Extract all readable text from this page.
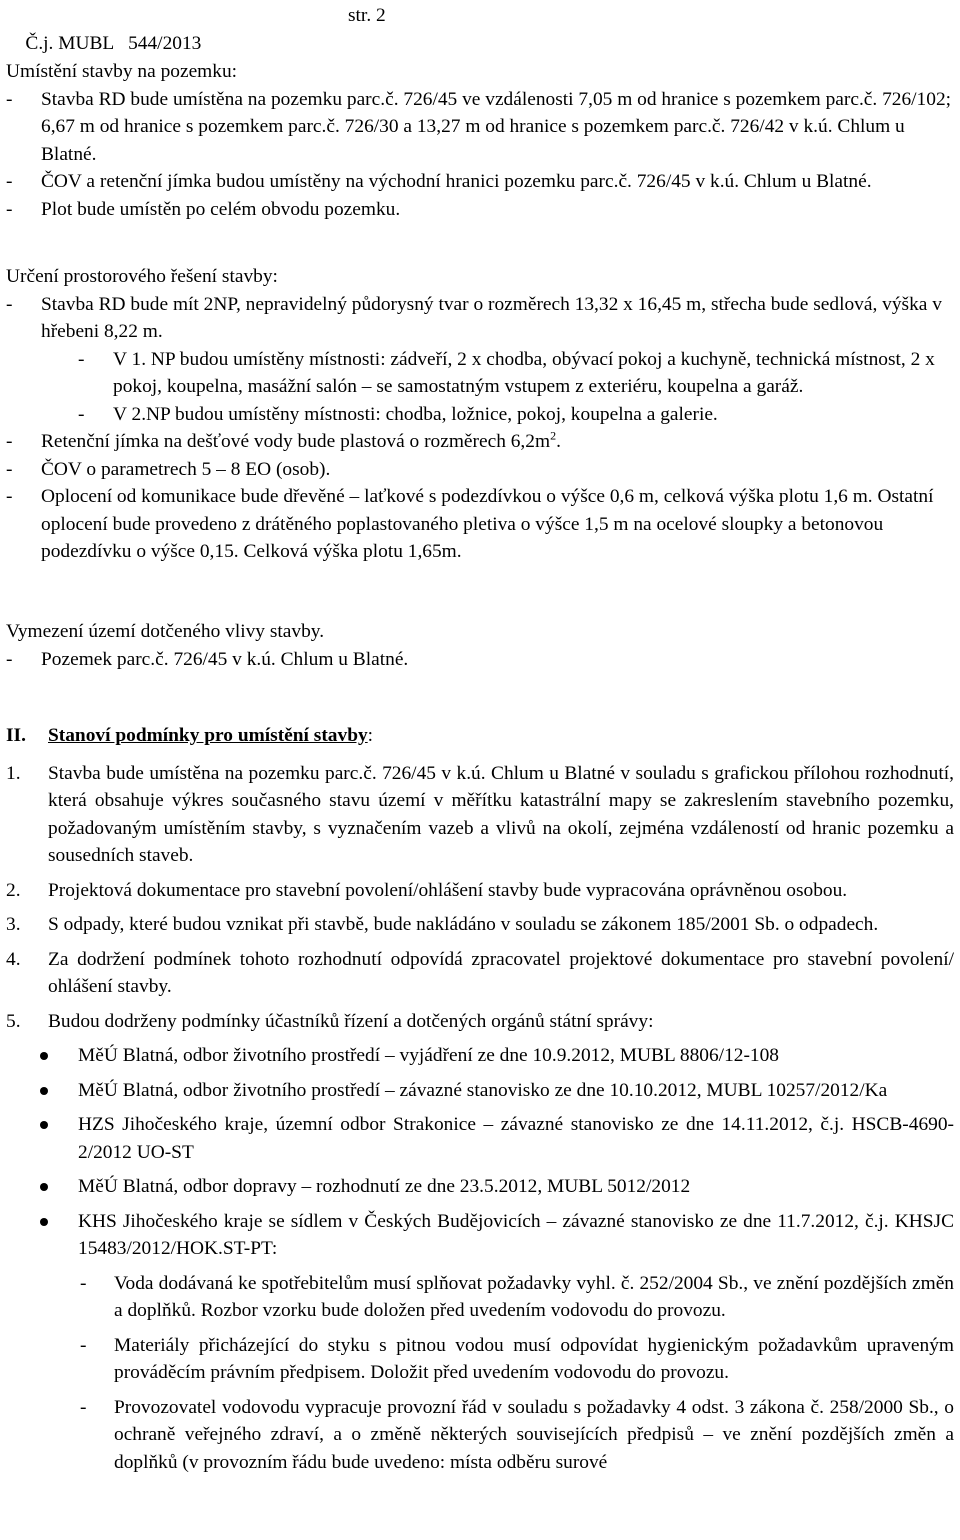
Č.j. MUBL   544/2013

str. 2

Umístění stavby na pozemku:
- Stavba RD bude umístěna na pozemku parc.č. 726/45 ve vzdálenosti 7,05 m od hranice s pozemkem parc.č. 726/102; 6,67 m od hranice s pozemkem parc.č. 726/30 a 13,27 m od hranice s pozemkem parc.č. 726/42 v k.ú. Chlum u Blatné.
- ČOV a retenční jímka budou umístěny na východní hranici pozemku parc.č. 726/45 v k.ú. Chlum u Blatné.
- Plot bude umístěn po celém obvodu pozemku.
Určení prostorového řešení stavby:
- Stavba RD bude mít 2NP, nepravidelný půdorysný tvar o rozměrech 13,32 x 16,45 m, střecha bude sedlová, výška v hřebeni 8,22 m.
- V 1. NP budou umístěny místnosti: zádveří, 2 x chodba, obývací pokoj a kuchyně, technická místnost, 2 x pokoj, koupelna, masážní salón – se samostatným vstupem z exteriéru, koupelna a garáž.
- V 2.NP budou umístěny místnosti: chodba, ložnice, pokoj, koupelna a galerie.
- Retenční jímka na dešťové vody bude plastová o rozměrech $6,2m^2$.
- ČOV o parametrech 5 – 8 EO (osob).
- Oplocení od komunikace bude dřevěné – laťkové s podezdívkou o výšce 0,6 m, celková výška plotu 1,6 m. Ostatní oplocení bude provedeno z drátěného poplastovaného pletiva o výšce 1,5 m na ocelové sloupky a betonovou podezdívku o výšce 0,15. Celková výška plotu 1,65m.
Vymezení území dotčeného vlivy stavby.
- Pozemek parc.č. 726/45 v k.ú. Chlum u Blatné.
II. Stanoví podmínky pro umístění stavby:
1. Stavba bude umístěna na pozemku parc.č. 726/45 v k.ú. Chlum u Blatné v souladu s grafickou přílohou rozhodnutí, která obsahuje výkres současného stavu území v měřítku katastrální mapy se zakreslením stavebního pozemku, požadovaným umístěním stavby, s vyznačením vazeb a vlivů na okolí, zejména vzdáleností od hranic pozemku a sousedních staveb.
2. Projektová dokumentace pro stavební povolení/ohlášení stavby bude vypracována oprávněnou osobou.
3. S odpady, které budou vznikat při stavbě, bude nakládáno v souladu se zákonem 185/2001 Sb. o odpadech.
4. Za dodržení podmínek tohoto rozhodnutí odpovídá zpracovatel projektové dokumentace pro stavební povolení/ ohlášení stavby.
5. Budou dodrženy podmínky účastníků řízení a dotčených orgánů státní správy:
MěÚ Blatná, odbor životního prostředí – vyjádření ze dne 10.9.2012, MUBL 8806/12-108
MěÚ Blatná, odbor životního prostředí – závazné stanovisko ze dne 10.10.2012, MUBL 10257/2012/Ka
HZS Jihočeského kraje, územní odbor Strakonice – závazné stanovisko ze dne 14.11.2012, č.j. HSCB-4690-2/2012 UO-ST
MěÚ Blatná, odbor dopravy – rozhodnutí ze dne 23.5.2012, MUBL 5012/2012
KHS Jihočeského kraje se sídlem v Českých Budějovicích – závazné stanovisko ze dne 11.7.2012, č.j. KHSJC 15483/2012/HOK.ST-PT:
- Voda dodávaná ke spotřebitelům musí splňovat požadavky vyhl. č. 252/2004 Sb., ve znění pozdějších změn a doplňků. Rozbor vzorku bude doložen před uvedením vodovodu do provozu.
- Materiály přicházející do styku s pitnou vodou musí odpovídat hygienickým požadavkům upraveným prováděcím právním předpisem. Doložit před uvedením vodovodu do provozu.
- Provozovatel vodovodu vypracuje provozní řád v souladu s požadavky 4 odst. 3 zákona č. 258/2000 Sb., o ochraně veřejného zdraví, a o změně některých souvisejících předpisů – ve znění pozdějších změn a doplňků (v provozním řádu bude uvedeno: místa odběru surové
